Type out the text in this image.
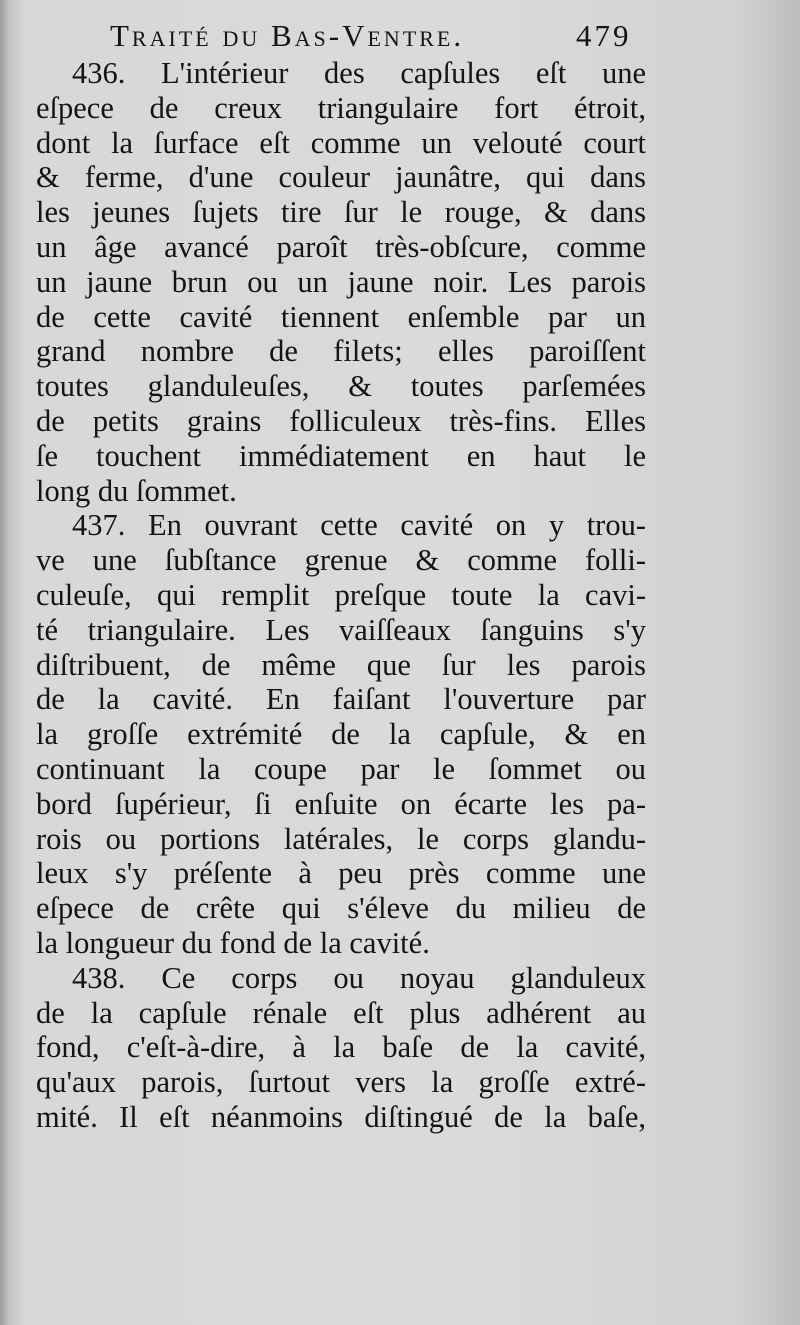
Traité du Bas-Ventre.	479
436. L'intérieur des capſules eſt une
eſpece de creux triangulaire fort étroit,
dont la ſurface eſt comme un velouté court
& ferme, d'une couleur jaunâtre, qui dans
les jeunes ſujets tire ſur le rouge, & dans
un âge avancé paroît très-obſcure, comme
un jaune brun ou un jaune noir. Les parois
de cette cavité tiennent enſemble par un
grand nombre de filets; elles paroiſſent
toutes glanduleuſes, & toutes parſemées
de petits grains folliculeux très-fins. Elles
ſe touchent immédiatement en haut le
long du ſommet.
437. En ouvrant cette cavité on y trou-
ve une ſubſtance grenue & comme folli-
culeuſe, qui remplit preſque toute la cavi-
té triangulaire. Les vaiſſeaux ſanguins s'y
diſtribuent, de même que ſur les parois
de la cavité. En faiſant l'ouverture par
la groſſe extrémité de la capſule, & en
continuant la coupe par le ſommet ou
bord ſupérieur, ſi enſuite on écarte les pa-
rois ou portions latérales, le corps glandu-
leux s'y préſente à peu près comme une
eſpece de crête qui s'éleve du milieu de
la longueur du fond de la cavité.
438. Ce corps ou noyau glanduleux
de la capſule rénale eſt plus adhérent au
fond, c'eſt-à-dire, à la baſe de la cavité,
qu'aux parois, ſurtout vers la groſſe extré-
mité. Il eſt néanmoins diſtingué de la baſe,
